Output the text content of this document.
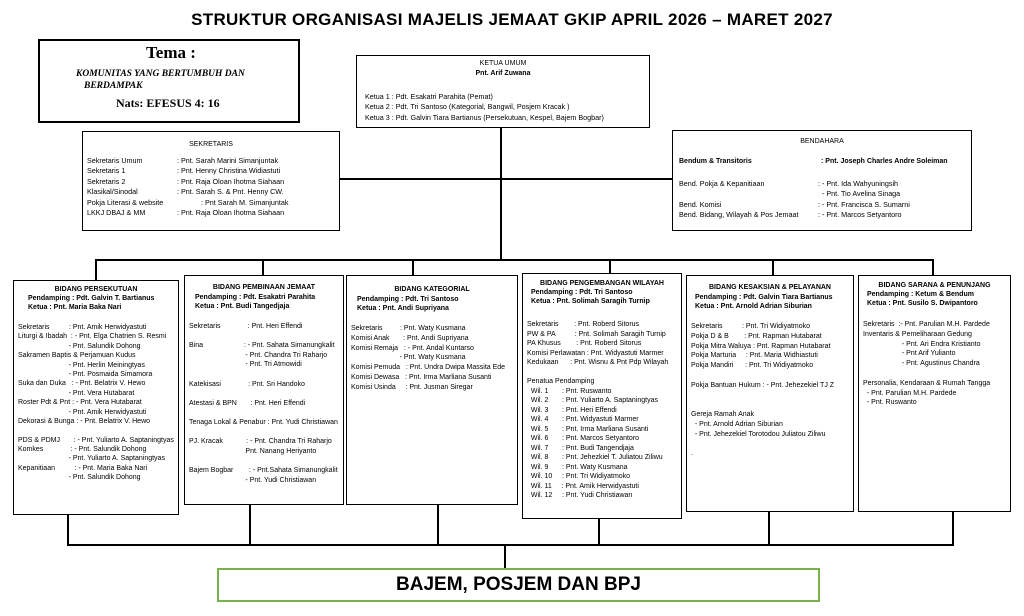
STRUKTUR ORGANISASI MAJELIS JEMAAT GKIP APRIL 2026 – MARET 2027
Tema :
KOMUNITAS YANG BERTUMBUH DAN
BERDAMPAK
Nats: EFESUS 4: 16
KETUA UMUM
Pnt. Arif Zuwana
Ketua 1 : Pdt. Esakatri Parahita (Pemat)
Ketua 2 : Pdt. Tri Santoso (Kategorial, Bangwil, Posjem Kracak )
Ketua 3 : Pdt. Galvin Tiara Bartianus (Persekutuan, Kespel, Bajem Bogbar)
SEKRETARIS
Sekretaris Umum
Sekretaris 1
Sekretaris 2
Klasikal/Sinodal
Pokja Literasi & website
LKKJ DBAJ & MM
: Pnt. Sarah Marini Simanjuntak
: Pnt. Henny Christina Widiastuti
: Pnt. Raja Oloan Ihotma Siahaan
: Pnt. Sarah S. & Pnt. Henny CW.
: Pnt Sarah M. Simanjuntak
: Pnt. Raja Oloan Ihotma Siahaan
BENDAHARA
Bendum & Transitoris	: Pnt. Joseph Charles Andre Soleiman
Bend. Pokja & Kepanitiaan
Bend. Komisi
Bend. Bidang, Wilayah & Pos Jemaat
: - Pnt. Ida Wahyuningsih
- Pnt. Tio Avelina Sinaga
: - Pnt. Francisca S. Sumarni
: - Pnt. Marcos Setyantoro
BIDANG PERSEKUTUAN
Pendamping : Pdt. Galvin T. Bartianus
Ketua : Pnt. Maria Baka Nari
Sekretaris          : Pnt. Amik Herwidyastuti
Liturgi & Ibadah  : - Pnt. Elga Chatrien S. Resmi
- Pnt. Salundik Dohong
Sakramen Baptis & Perjamuan Kudus
- Pnt. Herlin Meiningtyas
- Pnt. Posmaida Simamora
Suka dan Duka   : - Pnt. Belatrix V. Hewo
- Pnt. Vera Hutabarat
Roster Pdt & Pnt : - Pnt. Vera Hutabarat
- Pnt. Amik Herwidyastuti
Dekorasi & Bunga : - Pnt. Belatrix V. Hewo
PDS & PDMJ       : - Pnt. Yuliarto A. Saptaningtyas
Komkes              : - Pnt. Salundik Dohong
- Pnt. Yuliarto A. Saptaningtyas
Kepanitiaan          : - Pnt. Maria Baka Nari
- Pnt. Salundik Dohong
BIDANG PEMBINAAN JEMAAT
Pendamping : Pdt. Esakatri Parahita
Ketua : Pnt. Budi Tangedjaja
Sekretaris              : Pnt. Heri Effendi
Bina                     : - Pnt. Sahata Simanungkalit
- Pnt. Chandra Tri Raharjo
- Pnt. Tri Atmowidi
Katekisasi              : Pnt. Sri Handoko
Atestasi & BPN       : Pnt. Heri Effendi
Tenaga Lokal & Penabur : Pnt. Yudi Christiawan
PJ. Kracak            : - Pnt. Chandra Tri Raharjo
Pnt. Nanang Heriyanto
Bajem Bogbar        : - Pnt.Sahata Simanungkalit
- Pnt. Yudi Christiawan
BIDANG KATEGORIAL
Pendamping : Pdt. Tri Santoso
Ketua : Pnt. Andi Supriyana
Sekretaris         : Pnt. Waty Kusmana
Komisi Anak       : Pnt. Andi Supriyana
Komisi Remaja   : - Pnt. Andal Kuntarso
- Pnt. Waty Kusmana
Komisi Pemuda   : Pnt. Undra Dwipa Massita Ede
Komisi Dewasa   : Pnt. Irma Marliana Susanti
Komisi Usinda     : Pnt. Jusman Siregar
BIDANG PENGEMBANGAN WILAYAH
Pendamping : Pdt. Tri Santoso
Ketua : Pnt. Solimah Saragih Turnip
Sekretaris        : Pnt. Roberd Sitorus
PW & PA          : Pnt. Solimah Saragih Turnip
PA Khusus        : Pnt. Roberd Sitorus
Komisi Perlawatan : Pnt. Widyastuti Marmer
Kedukaan      : Pnt. Wisnu & Pnt Pdp Wilayah
Penatua Pendamping
Wil. 1       : Pnt. Ruswanto
Wil. 2       : Pnt. Yuliarto A. Saptaningtyas
Wil. 3       : Pnt. Heri Effendi
Wil. 4       : Pnt. Widyastuti Marmer
Wil. 5       : Pnt. Irma Marliana Susanti
Wil. 6       : Pnt. Marcos Setyantoro
Wil. 7       : Pnt. Budi Tangendjaja
Wil. 8       : Pnt. Jehezkiel T. Juliatou Ziliwu
Wil. 9       : Pnt. Waty Kusmana
Wil. 10     : Pnt. Tri Widiyatmoko
Wil. 11     : Pnt. Amik Herwidyastuti
Wil. 12     : Pnt. Yudi Christiawan
BIDANG KESAKSIAN & PELAYANAN
Pendamping : Pdt. Galvin Tiara Bartianus
Ketua : Pnt. Arnold Adrian Siburian
Sekretaris          : Pnt. Tri Widiyatmoko
Pokja D & B        : Pnt. Rapman Hutabarat
Pokja Mitra Waluya : Pnt. Rapman Hutabarat
Pokja Marturia     : Pnt. Maria Widhiastuti
Pokja Mandiri      : Pnt. Tri Widiyatmoko
Pokja Bantuan Hukum : - Pnt. Jehezekiel TJ Z
Gereja Ramah Anak
- Pnt. Arnold Adrian Siburian
- Pnt. Jehezekiel Torotodou Juliatou Ziliwu
.
BIDANG SARANA & PENUNJANG
Pendamping : Ketum & Bendum
Ketua : Pnt. Susilo S. Dwipantoro
Sekretaris  :- Pnt. Parulian M.H. Pardede
Inventaris & Pemeliharaan Gedung
- Pnt. Ari Endra Kristianto
- Pnt Arif Yulianto
- Pnt. Agustinus Chandra
Personalia, Kendaraan & Rumah Tangga
- Pnt. Parulian M.H. Pardede
- Pnt. Ruswanto
BAJEM, POSJEM DAN BPJ
